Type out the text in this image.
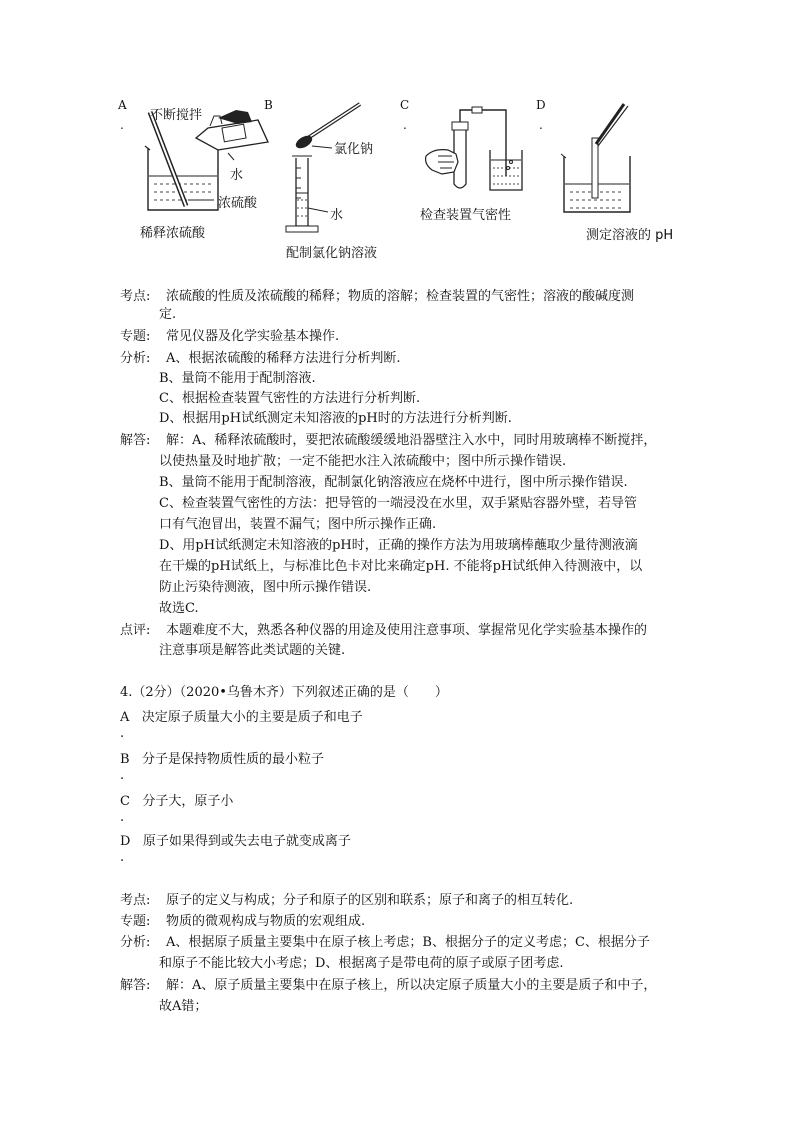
A
.
不断搅拌
水
浓硫酸
稀释浓硫酸
B
氯化钠
水
配制氯化钠溶液
C
.
检查装置气密性
D
.
测定溶液的 pH
考点: 浓硫酸的性质及浓硫酸的稀释；物质的溶解；检查装置的气密性；溶液的酸碱度测
定.
专题: 常见仪器及化学实验基本操作.
分析: A、根据浓硫酸的稀释方法进行分析判断.
B、量筒不能用于配制溶液.
C、根据检查装置气密性的方法进行分析判断.
D、根据用pH试纸测定未知溶液的pH时的方法进行分析判断.
解答: 解：A、稀释浓硫酸时，要把浓硫酸缓缓地沿器壁注入水中，同时用玻璃棒不断搅拌，
以使热量及时地扩散；一定不能把水注入浓硫酸中；图中所示操作错误.
B、量筒不能用于配制溶液，配制氯化钠溶液应在烧杯中进行，图中所示操作错误.
C、检查装置气密性的方法：把导管的一端浸没在水里，双手紧贴容器外壁，若导管
口有气泡冒出，装置不漏气；图中所示操作正确.
D、用pH试纸测定未知溶液的pH时，正确的操作方法为用玻璃棒蘸取少量待测液滴
在干燥的pH试纸上，与标准比色卡对比来确定pH. 不能将pH试纸伸入待测液中，以
防止污染待测液，图中所示操作错误.
故选C.
点评: 本题难度不大，熟悉各种仪器的用途及使用注意事项、掌握常见化学实验基本操作的
注意事项是解答此类试题的关键.
4.（2分）（2020•乌鲁木齐）下列叙述正确的是（　　）
A 决定原子质量大小的主要是质子和电子
.
B 分子是保持物质性质的最小粒子
.
C 分子大，原子小
.
D 原子如果得到或失去电子就变成离子
.
考点: 原子的定义与构成；分子和原子的区别和联系；原子和离子的相互转化.
专题: 物质的微观构成与物质的宏观组成.
分析: A、根据原子质量主要集中在原子核上考虑；B、根据分子的定义考虑；C、根据分子
和原子不能比较大小考虑；D、根据离子是带电荷的原子或原子团考虑.
解答: 解：A、原子质量主要集中在原子核上，所以决定原子质量大小的主要是质子和中子，
故A错；
